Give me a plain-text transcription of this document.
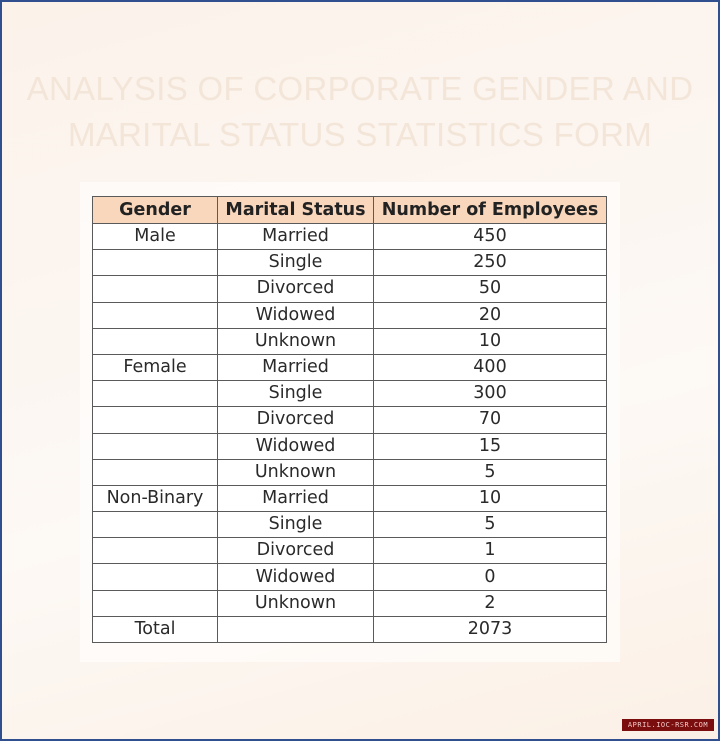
ANALYSIS OF CORPORATE GENDER AND
MARITAL STATUS STATISTICS FORM
Gender	Marital Status	Number of Employees
Male	Married	450
	Single	250
	Divorced	50
	Widowed	20
	Unknown	10
Female	Married	400
	Single	300
	Divorced	70
	Widowed	15
	Unknown	5
Non-Binary	Married	10
	Single	5
	Divorced	1
	Widowed	0
	Unknown	2
Total		2073
APRIL.IOC-RSR.COM
